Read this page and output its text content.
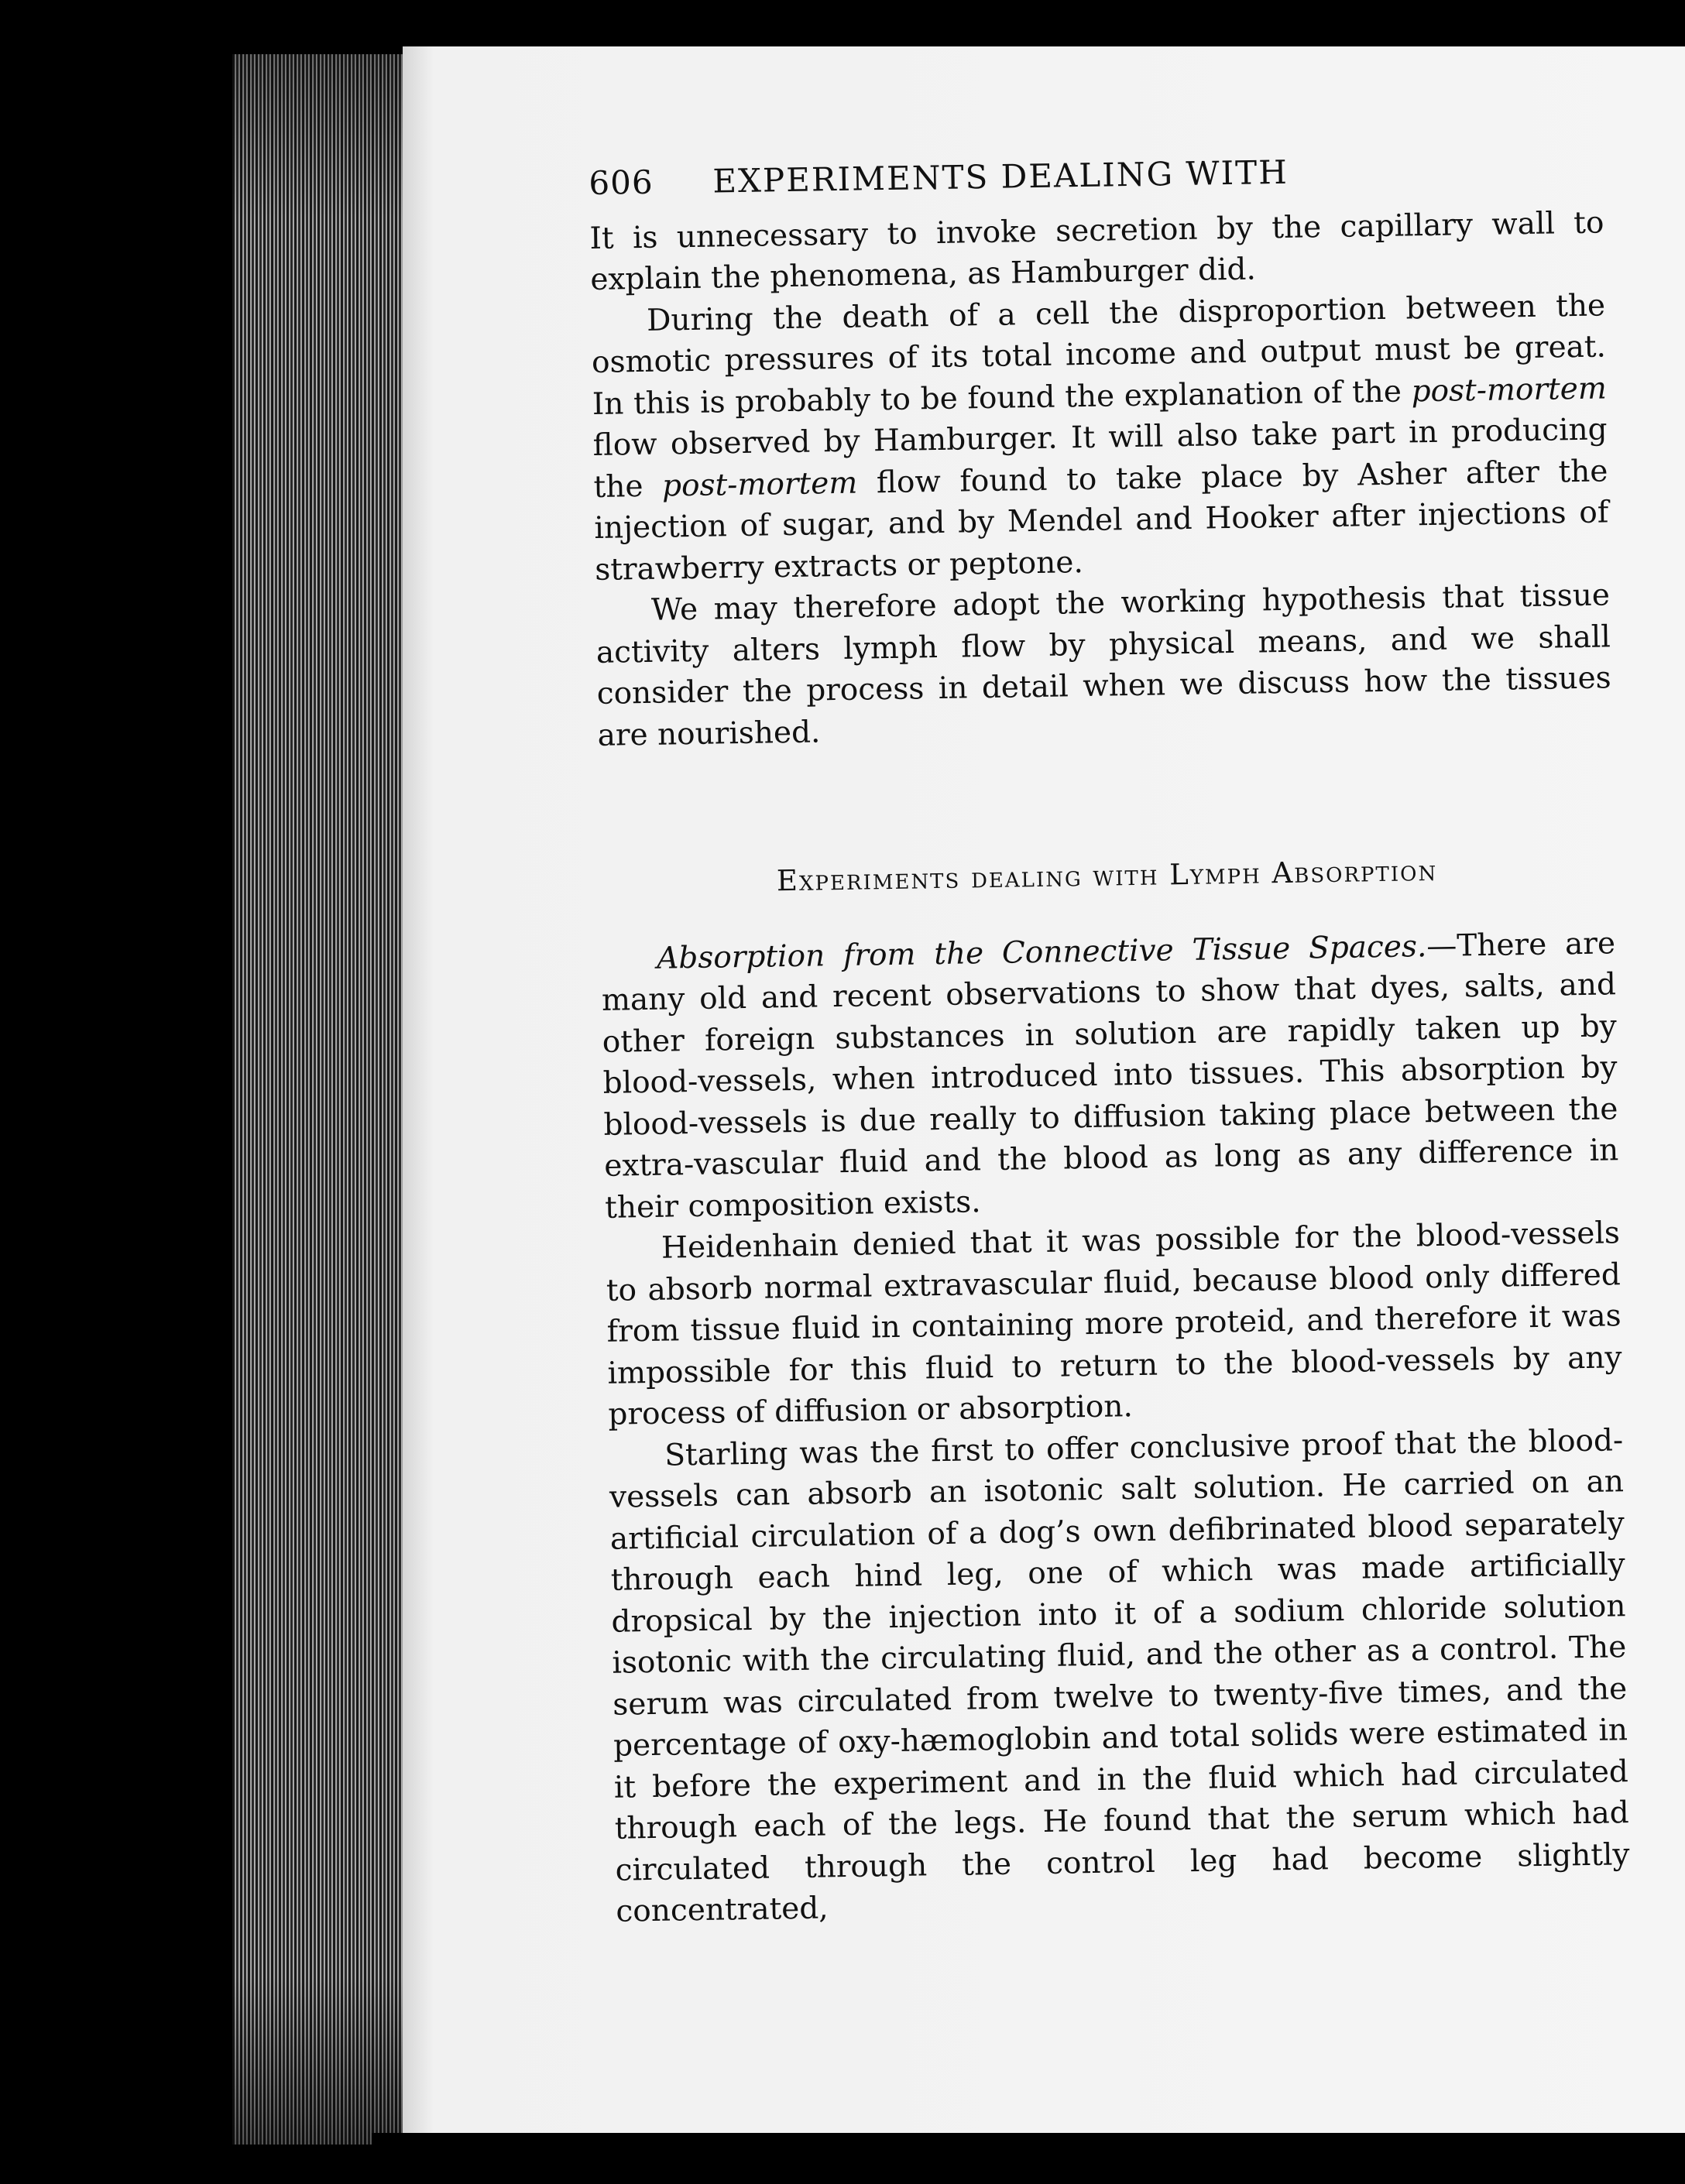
606	EXPERIMENTS DEALING WITH

It is unnecessary to invoke secretion by the capillary wall to explain the phenomena, as Hamburger did.

During the death of a cell the disproportion between the osmotic pressures of its total income and output must be great. In this is probably to be found the explanation of the post-mortem flow observed by Hamburger. It will also take part in producing the post-mortem flow found to take place by Asher after the injection of sugar, and by Mendel and Hooker after injections of strawberry extracts or peptone.

We may therefore adopt the working hypothesis that tissue activity alters lymph flow by physical means, and we shall consider the process in detail when we discuss how the tissues are nourished.

Experiments dealing with Lymph Absorption

Absorption from the Connective Tissue Spaces.—There are many old and recent observations to show that dyes, salts, and other foreign substances in solution are rapidly taken up by blood-vessels, when introduced into tissues. This absorption by blood-vessels is due really to diffusion taking place between the extra-vascular fluid and the blood as long as any difference in their composition exists.

Heidenhain denied that it was possible for the blood-vessels to absorb normal extravascular fluid, because blood only differed from tissue fluid in containing more proteid, and therefore it was impossible for this fluid to return to the blood-vessels by any process of diffusion or absorption.

Starling was the first to offer conclusive proof that the blood-vessels can absorb an isotonic salt solution. He carried on an artificial circulation of a dog’s own defibrinated blood separately through each hind leg, one of which was made artificially dropsical by the injection into it of a sodium chloride solution isotonic with the circulating fluid, and the other as a control. The serum was circulated from twelve to twenty-five times, and the percentage of oxy-hæmoglobin and total solids were estimated in it before the experiment and in the fluid which had circulated through each of the legs. He found that the serum which had circulated through the control leg had become slightly concentrated,
